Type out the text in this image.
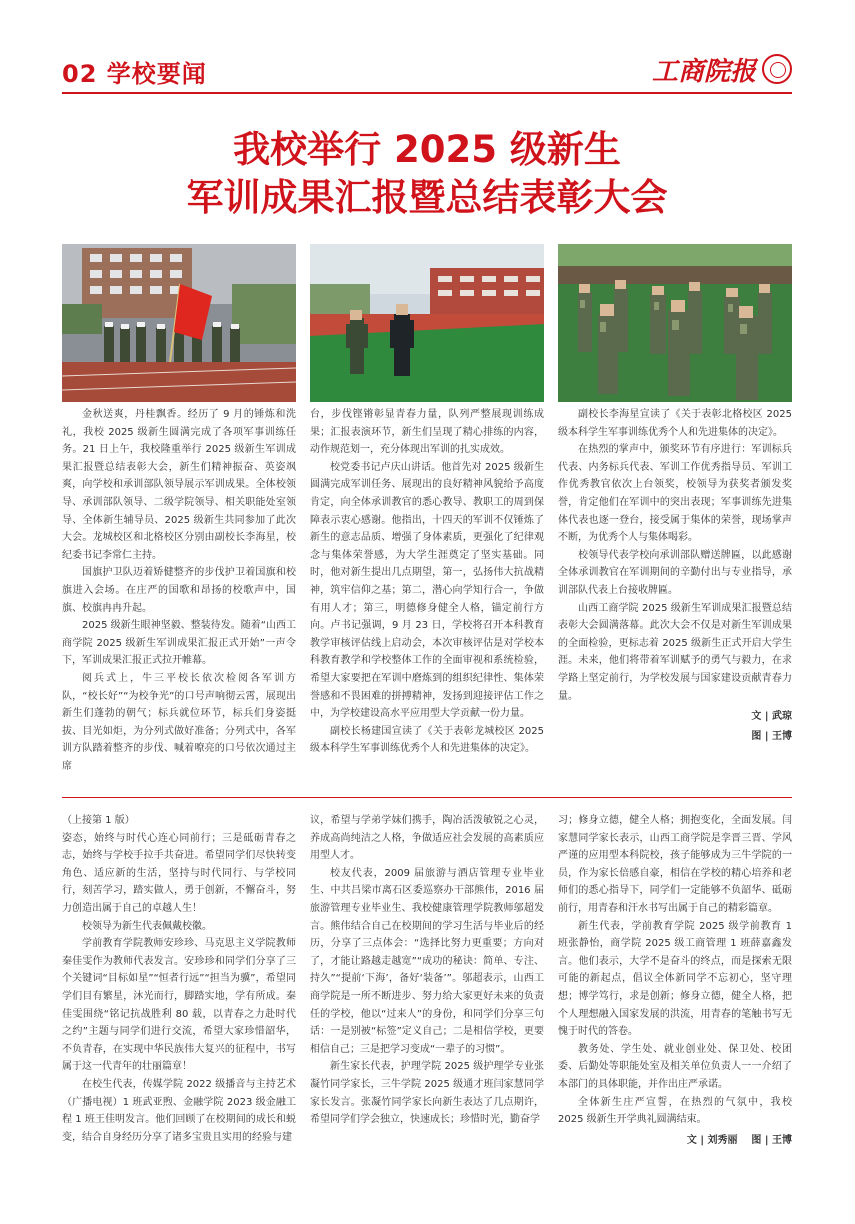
02 学校要闻	工商院报
我校举行 2025 级新生
军训成果汇报暨总结表彰大会

金秋送爽，丹桂飘香。经历了 9 月的锤炼和洗礼，我校 2025 级新生圆满完成了各项军事训练任务。21 日上午，我校隆重举行 2025 级新生军训成果汇报暨总结表彰大会，新生们精神振奋、英姿飒爽，向学校和承训部队领导展示军训成果。全体校领导、承训部队领导、二级学院领导、相关职能处室领导、全体新生辅导员、2025 级新生共同参加了此次大会。龙城校区和北格校区分别由副校长李海星，校纪委书记李常仁主持。

国旗护卫队迈着矫健整齐的步伐护卫着国旗和校旗进入会场。在庄严的国歌和昂扬的校歌声中，国旗、校旗冉冉升起。

2025 级新生眼神坚毅、整装待发。随着“山西工商学院 2025 级新生军训成果汇报正式开始”一声令下，军训成果汇报正式拉开帷幕。

阅兵式上，牛三平校长依次检阅各军训方队，“校长好”“为校争光”的口号声响彻云霄，展现出新生们蓬勃的朝气；标兵就位环节，标兵们身姿挺拔、目光如炬，为分列式做好准备；分列式中，各军训方队踏着整齐的步伐、喊着嘹亮的口号依次通过主席

台，步伐铿锵彰显青春力量，队列严整展现训练成果；汇报表演环节，新生们呈现了精心排练的内容，动作规范划一，充分体现出军训的扎实成效。

校党委书记卢庆山讲话。他首先对 2025 级新生圆满完成军训任务、展现出的良好精神风貌给予高度肯定，向全体承训教官的悉心教导、教职工的周到保障表示衷心感谢。他指出，十四天的军训不仅锤炼了新生的意志品质、增强了身体素质，更强化了纪律观念与集体荣誉感，为大学生涯奠定了坚实基础。同时，他对新生提出几点期望，第一，弘扬伟大抗战精神，筑牢信仰之基；第二，潜心向学知行合一，争做有用人才；第三，明德修身健全人格，锚定前行方向。卢书记强调，9 月 23 日，学校将召开本科教育教学审核评估线上启动会，本次审核评估是对学校本科教育教学和学校整体工作的全面审视和系统检验，希望大家要把在军训中磨炼到的组织纪律性、集体荣誉感和不畏困难的拼搏精神，发扬到迎接评估工作之中，为学校建设高水平应用型大学贡献一份力量。

副校长杨建国宣读了《关于表彰龙城校区 2025 级本科学生军事训练优秀个人和先进集体的决定》。

副校长李海星宣读了《关于表彰北格校区 2025 级本科学生军事训练优秀个人和先进集体的决定》。

在热烈的掌声中，颁奖环节有序进行：军训标兵代表、内务标兵代表、军训工作优秀指导员、军训工作优秀教官依次上台领奖，校领导为获奖者颁发奖誉，肯定他们在军训中的突出表现；军事训练先进集体代表也逐一登台，接受属于集体的荣誉，现场掌声不断，为优秀个人与集体喝彩。

校领导代表学校向承训部队赠送牌匾，以此感谢全体承训教官在军训期间的辛勤付出与专业指导，承训部队代表上台接收牌匾。

山西工商学院 2025 级新生军训成果汇报暨总结表彰大会圆满落幕。此次大会不仅是对新生军训成果的全面检验，更标志着 2025 级新生正式开启大学生涯。未来，他们将带着军训赋予的勇气与毅力，在求学路上坚定前行，为学校发展与国家建设贡献青春力量。

文 | 武琼
图 | 王博

（上接第 1 版）

姿态，始终与时代心连心同前行；三是砥砺青春之志，始终与学校手拉手共奋进。希望同学们尽快转变角色、适应新的生活，坚持与时代同行、与学校同行，刻苦学习，踏实做人，勇于创新，不懈奋斗，努力创造出属于自己的卓越人生！

校领导为新生代表佩戴校徽。

学前教育学院教师安珍珍、马克思主义学院教师秦佳雯作为教师代表发言。安珍珍和同学们分享了三个关键词“目标如星”“恒者行远”“担当为骥”，希望同学们目有繁星，沐光而行，脚踏实地，学有所成。秦佳雯围绕“铭记抗战胜利 80 载，以青春之力赴时代之约”主题与同学们进行交流，希望大家珍惜韶华，不负青春，在实现中华民族伟大复兴的征程中，书写属于这一代青年的壮丽篇章！

在校生代表，传媒学院 2022 级播音与主持艺术（广播电视）1 班武亚煦、金融学院 2023 级金融工程 1 班王佳明发言。他们回顾了在校期间的成长和蜕变，结合自身经历分享了诸多宝贵且实用的经验与建

议，希望与学弟学妹们携手，陶冶活泼敏锐之心灵，养成高尚纯洁之人格，争做适应社会发展的高素质应用型人才。

校友代表，2009 届旅游与酒店管理专业毕业生、中共吕梁市离石区委巡察办干部熊伟，2016 届旅游管理专业毕业生、我校健康管理学院教师邬超发言。熊伟结合自己在校期间的学习生活与毕业后的经历，分享了三点体会：“选择比努力更重要；方向对了，才能让路越走越宽”“成功的秘诀：简单、专注、持久”“提前‘下海’，备好‘装备’”。邬超表示，山西工商学院是一所不断进步、努力给大家更好未来的负责任的学校，他以“过来人”的身份，和同学们分享三句话：一是别被“标签”定义自己；二是相信学校，更要相信自己；三是把学习变成“一辈子的习惯”。

新生家长代表，护理学院 2025 级护理学专业张凝竹同学家长，三牛学院 2025 级通才班闫家慧同学家长发言。张凝竹同学家长向新生表达了几点期许，希望同学们学会独立，快速成长；珍惜时光，勤奋学

习；修身立德，健全人格；拥抱变化，全面发展。闫家慧同学家长表示，山西工商学院是孪晋三晋、学风严谨的应用型本科院校，孩子能够成为三牛学院的一员，作为家长倍感自豪，相信在学校的精心培养和老师们的悉心指导下，同学们一定能够不负韶华、砥砺前行，用青春和汗水书写出属于自己的精彩篇章。

新生代表，学前教育学院 2025 级学前教育 1 班张静怡，商学院 2025 级工商管理 1 班薛嘉鑫发言。他们表示，大学不是奋斗的终点，而是探索无限可能的新起点，倡议全体新同学不忘初心，坚守理想；博学笃行，求是创新；修身立德，健全人格，把个人理想融入国家发展的洪流，用青春的笔触书写无愧于时代的答卷。

教务处、学生处、就业创业处、保卫处、校团委、后勤处等职能处室及相关单位负责人一一介绍了本部门的具体职能，并作出庄严承诺。

全体新生庄严宣誓，在热烈的气氛中，我校 2025 级新生开学典礼圆满结束。

文 | 刘秀丽    图 | 王博
